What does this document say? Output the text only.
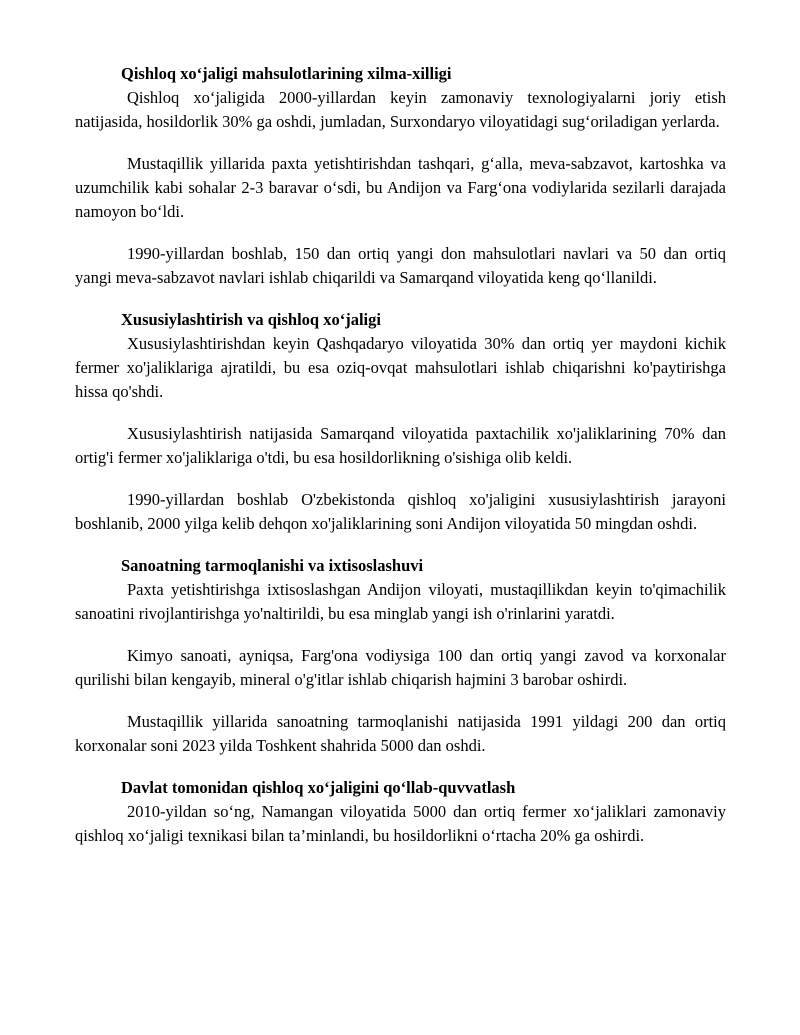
Qishloq xo‘jaligi mahsulotlarining xilma-xilligi

Qishloq xo‘jaligida 2000-yillardan keyin zamonaviy texnologiyalarni joriy etish natijasida, hosildorlik 30% ga oshdi, jumladan, Surxondaryo viloyatidagi sug‘oriladigan yerlarda.

Mustaqillik yillarida paxta yetishtirishdan tashqari, g‘alla, meva-sabzavot, kartoshka va uzumchilik kabi sohalar 2-3 baravar o‘sdi, bu Andijon va Farg‘ona vodiylarida sezilarli darajada namoyon bo‘ldi.

1990-yillardan boshlab, 150 dan ortiq yangi don mahsulotlari navlari va 50 dan ortiq yangi meva-sabzavot navlari ishlab chiqarildi va Samarqand viloyatida keng qo‘llanildi.

Xususiylashtirish va qishloq xo‘jaligi

Xususiylashtirishdan keyin Qashqadaryo viloyatida 30% dan ortiq yer maydoni kichik fermer xo'jaliklariga ajratildi, bu esa oziq-ovqat mahsulotlari ishlab chiqarishni ko'paytirishga hissa qo'shdi.

Xususiylashtirish natijasida Samarqand viloyatida paxtachilik xo'jaliklarining 70% dan ortig'i fermer xo'jaliklariga o'tdi, bu esa hosildorlikning o'sishiga olib keldi.

1990-yillardan boshlab O'zbekistonda qishloq xo'jaligini xususiylashtirish jarayoni boshlanib, 2000 yilga kelib dehqon xo'jaliklarining soni Andijon viloyatida 50 mingdan oshdi.

Sanoatning tarmoqlanishi va ixtisoslashuvi

Paxta yetishtirishga ixtisoslashgan Andijon viloyati, mustaqillikdan keyin to'qimachilik sanoatini rivojlantirishga yo'naltirildi, bu esa minglab yangi ish o'rinlarini yaratdi.

Kimyo sanoati, ayniqsa, Farg'ona vodiysiga 100 dan ortiq yangi zavod va korxonalar qurilishi bilan kengayib, mineral o'g'itlar ishlab chiqarish hajmini 3 barobar oshirdi.

Mustaqillik yillarida sanoatning tarmoqlanishi natijasida 1991 yildagi 200 dan ortiq korxonalar soni 2023 yilda Toshkent shahrida 5000 dan oshdi.

Davlat tomonidan qishloq xo‘jaligini qo‘llab-quvvatlash

2010-yildan so‘ng, Namangan viloyatida 5000 dan ortiq fermer xo‘jaliklari zamonaviy qishloq xo‘jaligi texnikasi bilan ta’minlandi, bu hosildorlikni o‘rtacha 20% ga oshirdi.
